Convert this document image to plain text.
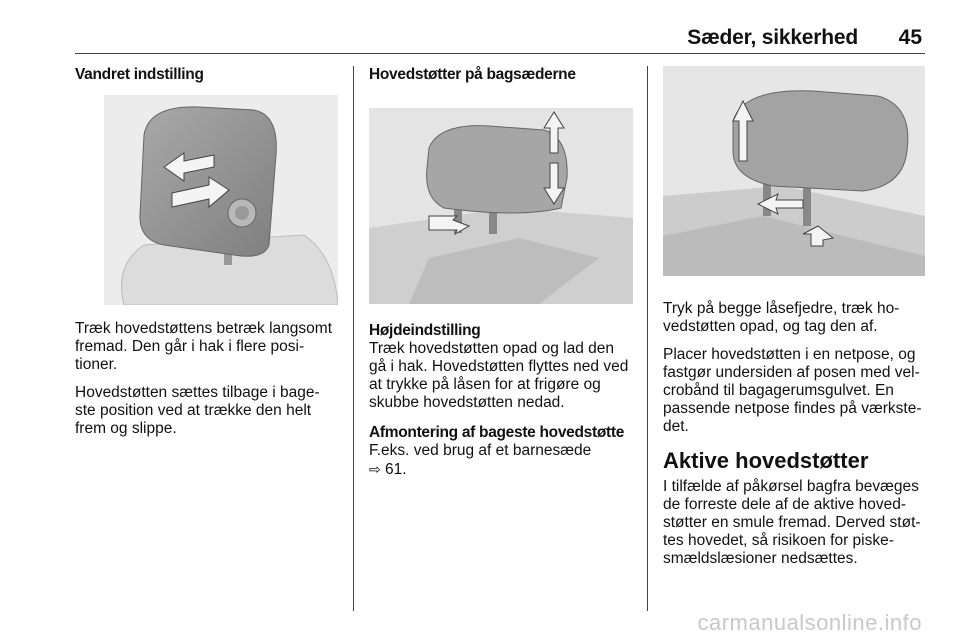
Sæder, sikkerhed 45
Vandret indstilling

Træk hovedstøttens betræk langsomt
fremad. Den går i hak i flere posi-
tioner.

Hovedstøtten sættes tilbage i bage-
ste position ved at trække den helt
frem og slippe.

Hovedstøtter på bagsæderne
Højdeindstilling

Træk hovedstøtten opad og lad den
gå i hak. Hovedstøtten flyttes ned ved
at trykke på låsen for at frigøre og
skubbe hovedstøtten nedad.

Afmontering af bageste hovedstøtte

F.eks. ved brug af et barnesæde
⇨ 61.

Tryk på begge låsefjedre, træk ho-
vedstøtten opad, og tag den af.

Placer hovedstøtten i en netpose, og
fastgør undersiden af posen med vel-
crobånd til bagagerumsgulvet. En
passende netpose findes på værkste-
det.

Aktive hovedstøtter

I tilfælde af påkørsel bagfra bevæges
de forreste dele af de aktive hoved-
støtter en smule fremad. Derved støt-
tes hovedet, så risikoen for piske-
smældslæsioner nedsættes.

carmanualsonline.info
